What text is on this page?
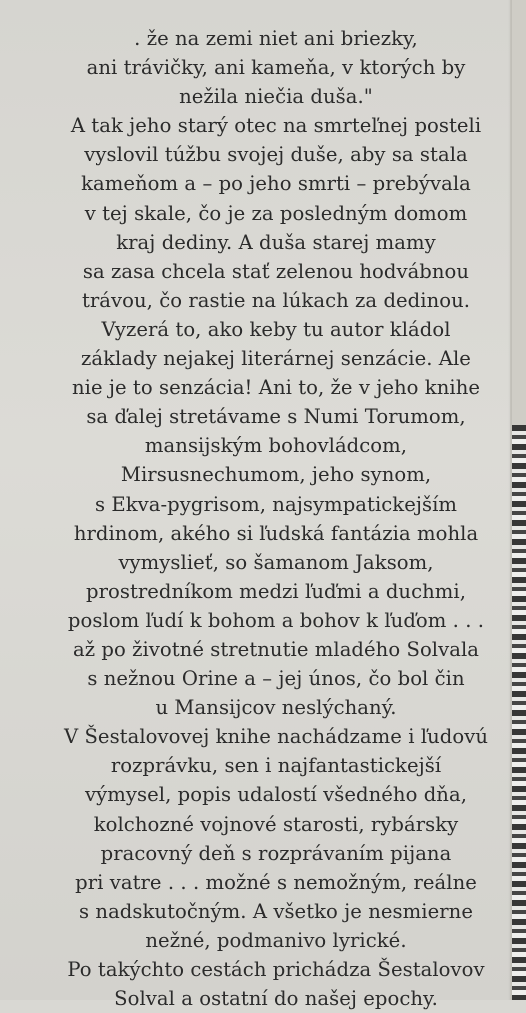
. že na zemi niet ani briezky,
ani trávičky, ani kameňa, v ktorých by
nežila niečia duša."
A tak jeho starý otec na smrteľnej posteli
vyslovil túžbu svojej duše, aby sa stala
kameňom a – po jeho smrti – prebývala
v tej skale, čo je za posledným domom
kraj dediny. A duša starej mamy
sa zasa chcela stať zelenou hodvábnou
trávou, čo rastie na lúkach za dedinou.
Vyzerá to, ako keby tu autor kládol
základy nejakej literárnej senzácie. Ale
nie je to senzácia! Ani to, že v jeho knihe
sa ďalej stretávame s Numi Torumom,
mansijským bohovládcom,
Mirsusnechumom, jeho synom,
s Ekva-pygrisom, najsympatickejším
hrdinom, akého si ľudská fantázia mohla
vymyslieť, so šamanom Jaksom,
prostredníkom medzi ľuďmi a duchmi,
poslom ľudí k bohom a bohov k ľuďom . . .
až po životné stretnutie mladého Solvala
s nežnou Orine a – jej únos, čo bol čin
u Mansijcov neslýchaný.
V Šestalovovej knihe nachádzame i ľudovú
rozprávku, sen i najfantastickejší
výmysel, popis udalostí všedného dňa,
kolchozné vojnové starosti, rybársky
pracovný deň s rozprávaním pijana
pri vatre . . . možné s nemožným, reálne
s nadskutočným. A všetko je nesmierne
nežné, podmanivo lyrické.
Po takýchto cestách prichádza Šestalovov
Solval a ostatní do našej epochy.
